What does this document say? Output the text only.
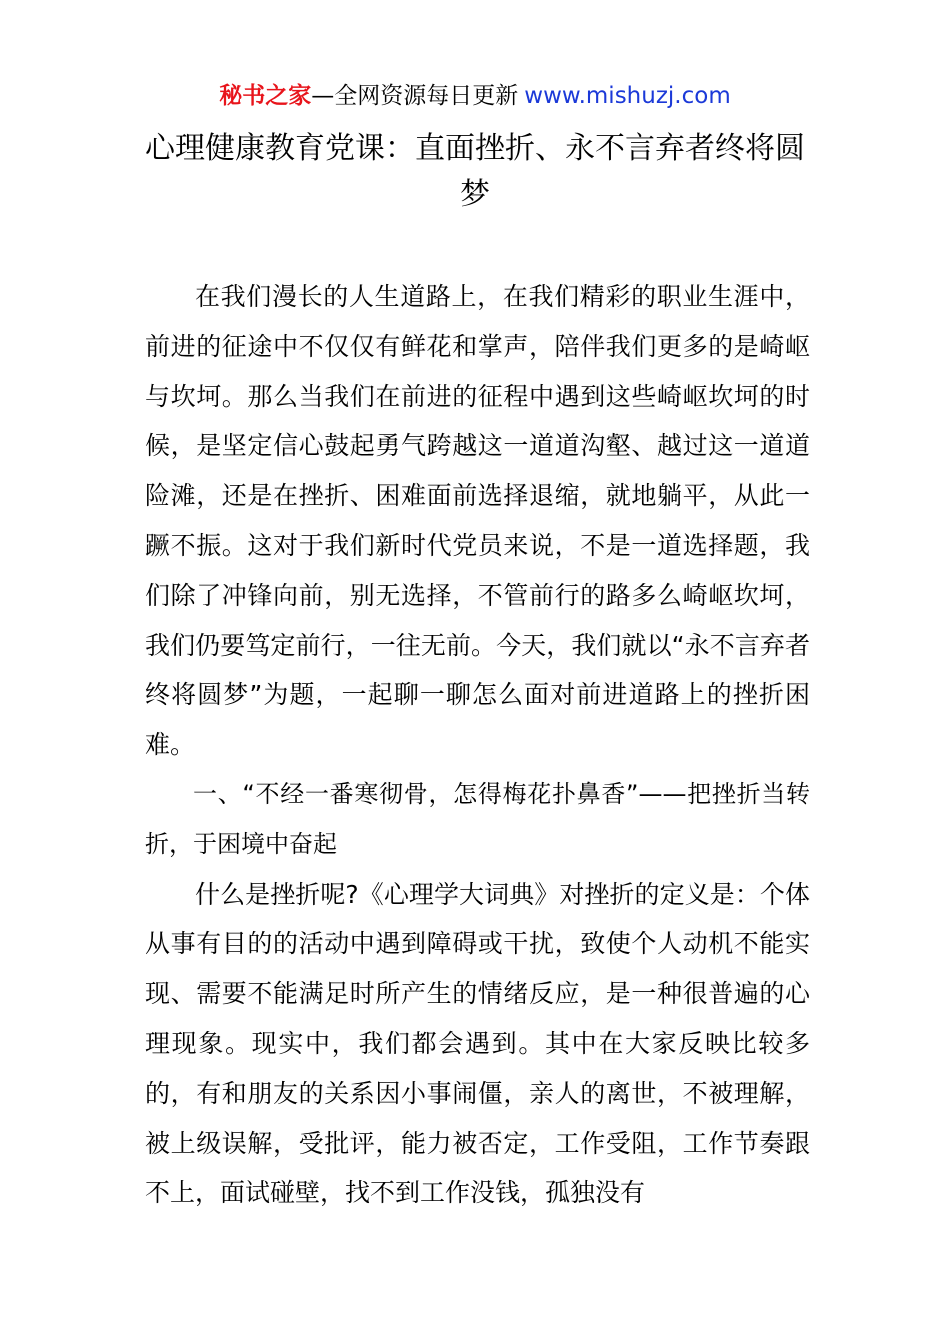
秘书之家—全网资源每日更新 www.mishuzj.com
心理健康教育党课：直面挫折、永不言弃者终将圆梦

在我们漫长的人生道路上，在我们精彩的职业生涯中，前进的征途中不仅仅有鲜花和掌声，陪伴我们更多的是崎岖与坎坷。那么当我们在前进的征程中遇到这些崎岖坎坷的时候，是坚定信心鼓起勇气跨越这一道道沟壑、越过这一道道险滩，还是在挫折、困难面前选择退缩，就地躺平，从此一蹶不振。这对于我们新时代党员来说，不是一道选择题，我们除了冲锋向前，别无选择，不管前行的路多么崎岖坎坷，我们仍要笃定前行，一往无前。今天，我们就以“永不言弃者终将圆梦”为题，一起聊一聊怎么面对前进道路上的挫折困难。

一、“不经一番寒彻骨，怎得梅花扑鼻香”——把挫折当转折，于困境中奋起

什么是挫折呢?《心理学大词典》对挫折的定义是：个体从事有目的的活动中遇到障碍或干扰，致使个人动机不能实现、需要不能满足时所产生的情绪反应，是一种很普遍的心理现象。现实中，我们都会遇到。其中在大家反映比较多的，有和朋友的关系因小事闹僵，亲人的离世，不被理解，被上级误解，受批评，能力被否定，工作受阻，工作节奏跟不上，面试碰壁，找不到工作没钱，孤独没有
